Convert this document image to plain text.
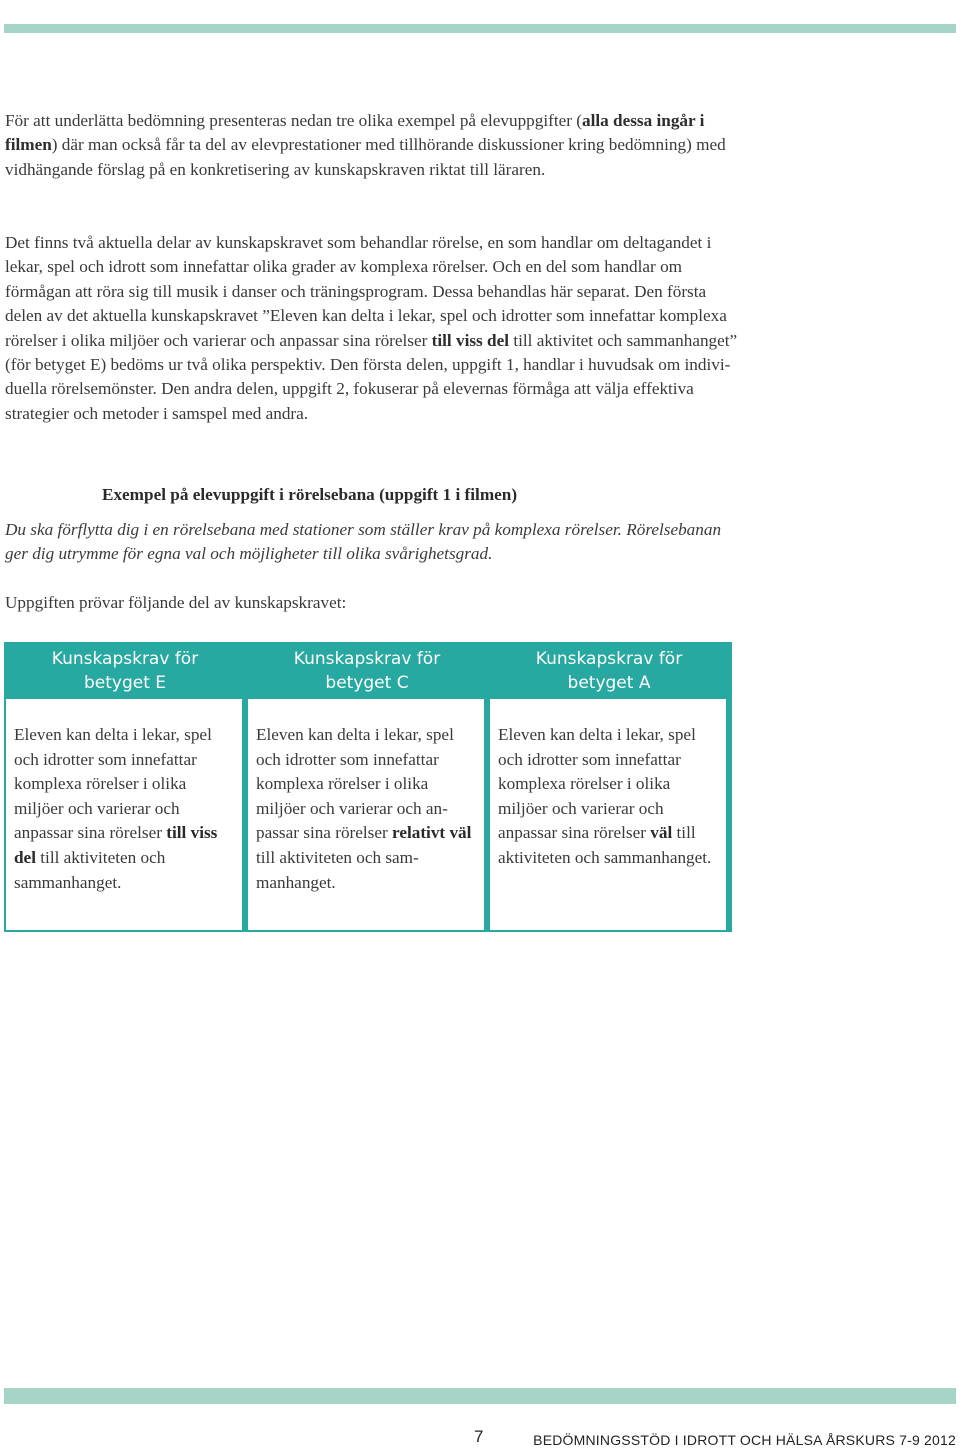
För att underlätta bedömning presenteras nedan tre olika exempel på elevuppgifter (alla dessa ingår i filmen) där man också får ta del av elevprestationer med tillhörande diskussioner kring bedömning) med vidhängande förslag på en konkretisering av kunskapskraven riktat till läraren.

Det finns två aktuella delar av kunskapskravet som behandlar rörelse, en som handlar om deltagandet i lekar, spel och idrott som innefattar olika grader av komplexa rörelser. Och en del som handlar om förmågan att röra sig till musik i danser och träningsprogram. Dessa behandlas här separat. Den första delen av det aktuella kunskapskravet ”Eleven kan delta i lekar, spel och idrotter som innefattar komplexa rörelser i olika miljöer och varierar och anpassar sina rörelser till viss del till aktivitet och sammanhanget” (för betyget E) bedöms ur två olika perspektiv. Den första delen, uppgift 1, handlar i huvudsak om individuella rörelsemönster. Den andra delen, uppgift 2, fokuserar på elevernas förmåga att välja effektiva strategier och metoder i samspel med andra.

Exempel på elevuppgift i rörelsebana (uppgift 1 i filmen)

Du ska förflytta dig i en rörelsebana med stationer som ställer krav på komplexa rörelser. Rörelsebanan ger dig utrymme för egna val och möjligheter till olika svårighetsgrad.

Uppgiften prövar följande del av kunskapskravet:

Kunskapskrav för betyget E
Kunskapskrav för betyget C
Kunskapskrav för betyget A
Eleven kan delta i lekar, spel och idrotter som innefattar komplexa rörelser i olika miljöer och varierar och anpassar sina rörelser till viss del till aktiviteten och sammanhanget.
Eleven kan delta i lekar, spel och idrotter som innefattar komplexa rörelser i olika miljöer och varierar och anpassar sina rörelser relativt väl till aktiviteten och sammanhanget.
Eleven kan delta i lekar, spel och idrotter som innefattar komplexa rörelser i olika miljöer och varierar och anpassar sina rörelser väl till aktiviteten och sammanhanget.
7	BEDÖMNINGSSTÖD I IDROTT OCH HÄLSA ÅRSKURS 7-9 2012
